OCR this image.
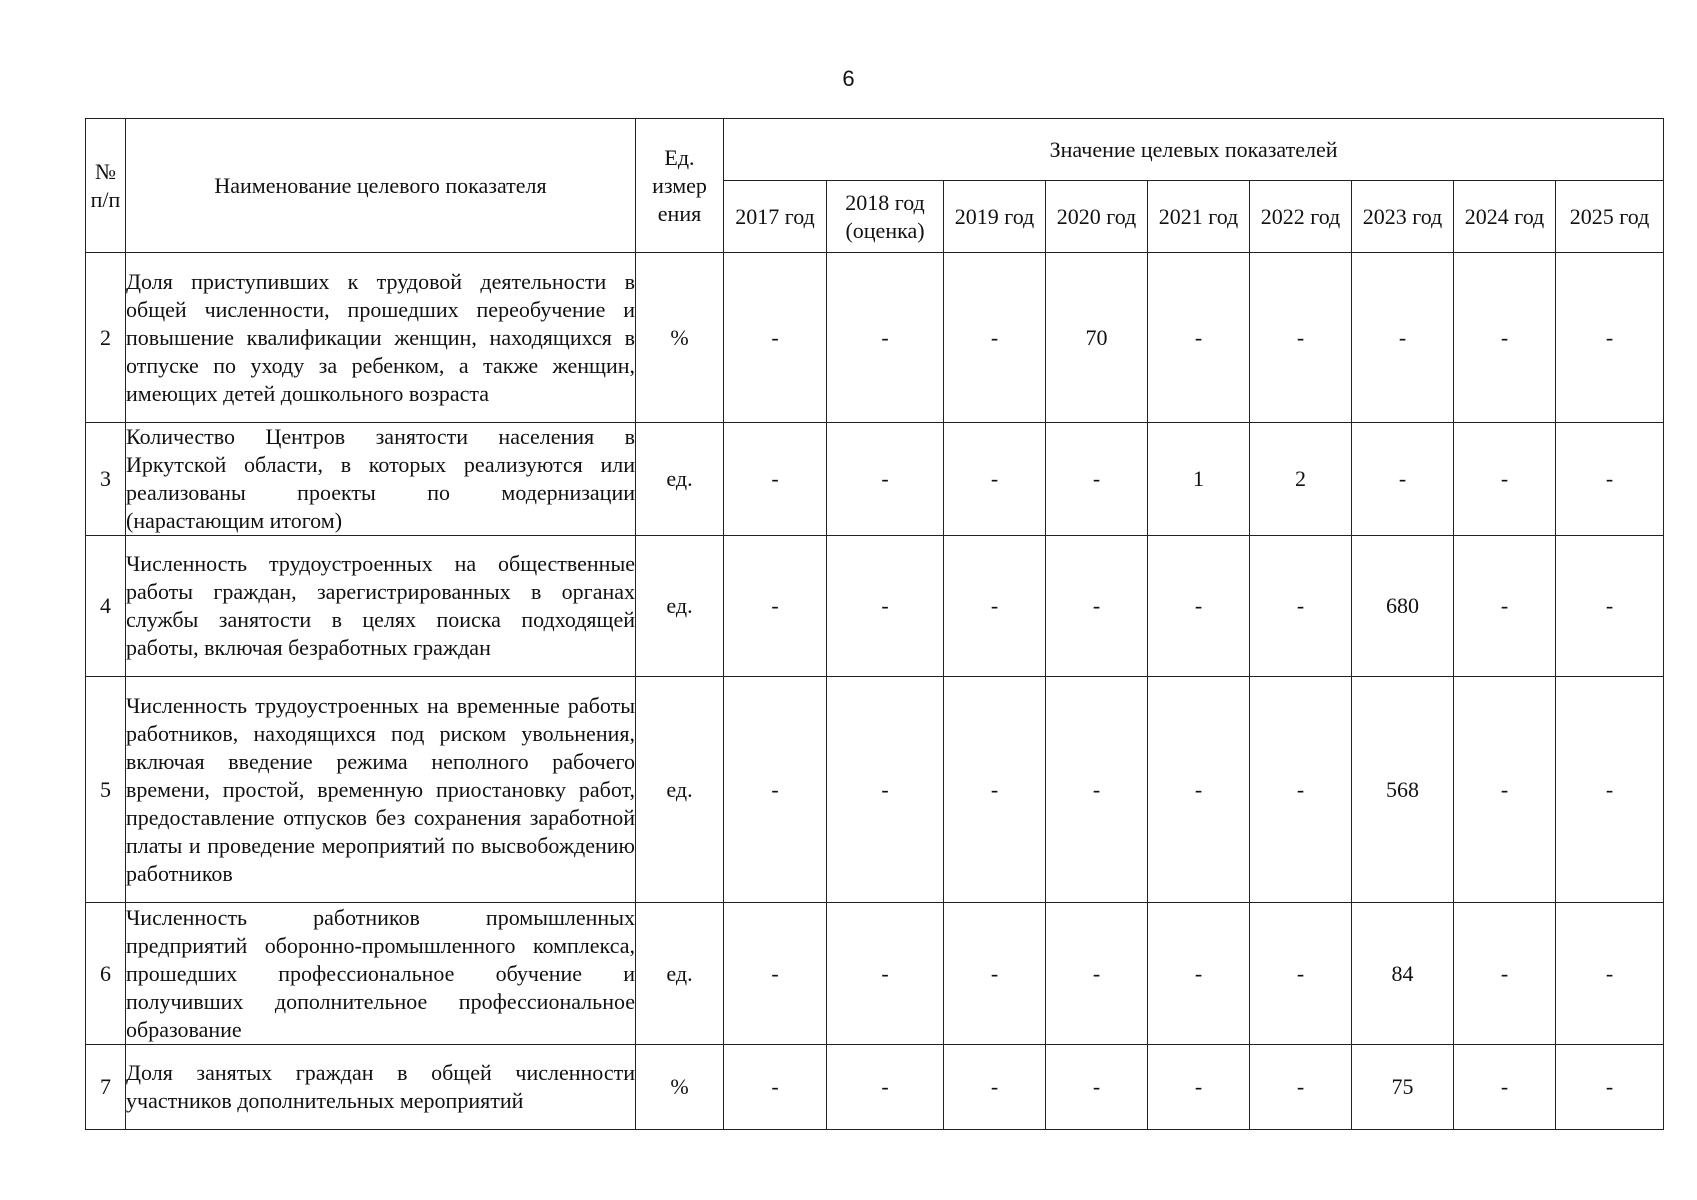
6
№ п/п	Наименование целевого показателя	Ед. измер ения	Значение целевых показателей								
			2017 год	2018 год (оценка)	2019 год	2020 год	2021 год	2022 год	2023 год	2024 год	2025 год
2	Доля приступивших к трудовой деятельности в общей численности, прошедших переобучение и повышение квалификации женщин, находящихся в отпуске по уходу за ребенком, а также женщин, имеющих детей дошкольного возраста	%	-	-	-	70	-	-	-	-	-
3	Количество Центров занятости населения в Иркутской области, в которых реализуются или реализованы проекты по модернизации (нарастающим итогом)	ед.	-	-	-	-	1	2	-	-	-
4	Численность трудоустроенных на общественные работы граждан, зарегистрированных в органах службы занятости в целях поиска подходящей работы, включая безработных граждан	ед.	-	-	-	-	-	-	680	-	-
5	Численность трудоустроенных на временные работы работников, находящихся под риском увольнения, включая введение режима неполного рабочего времени, простой, временную приостановку работ, предоставление отпусков без сохранения заработной платы и проведение мероприятий по высвобождению работников	ед.	-	-	-	-	-	-	568	-	-
6	Численность работников промышленных предприятий оборонно-промышленного комплекса, прошедших профессиональное обучение и получивших дополнительное профессиональное образование	ед.	-	-	-	-	-	-	84	-	-
7	Доля занятых граждан в общей численности участников дополнительных мероприятий	%	-	-	-	-	-	-	75	-	-
